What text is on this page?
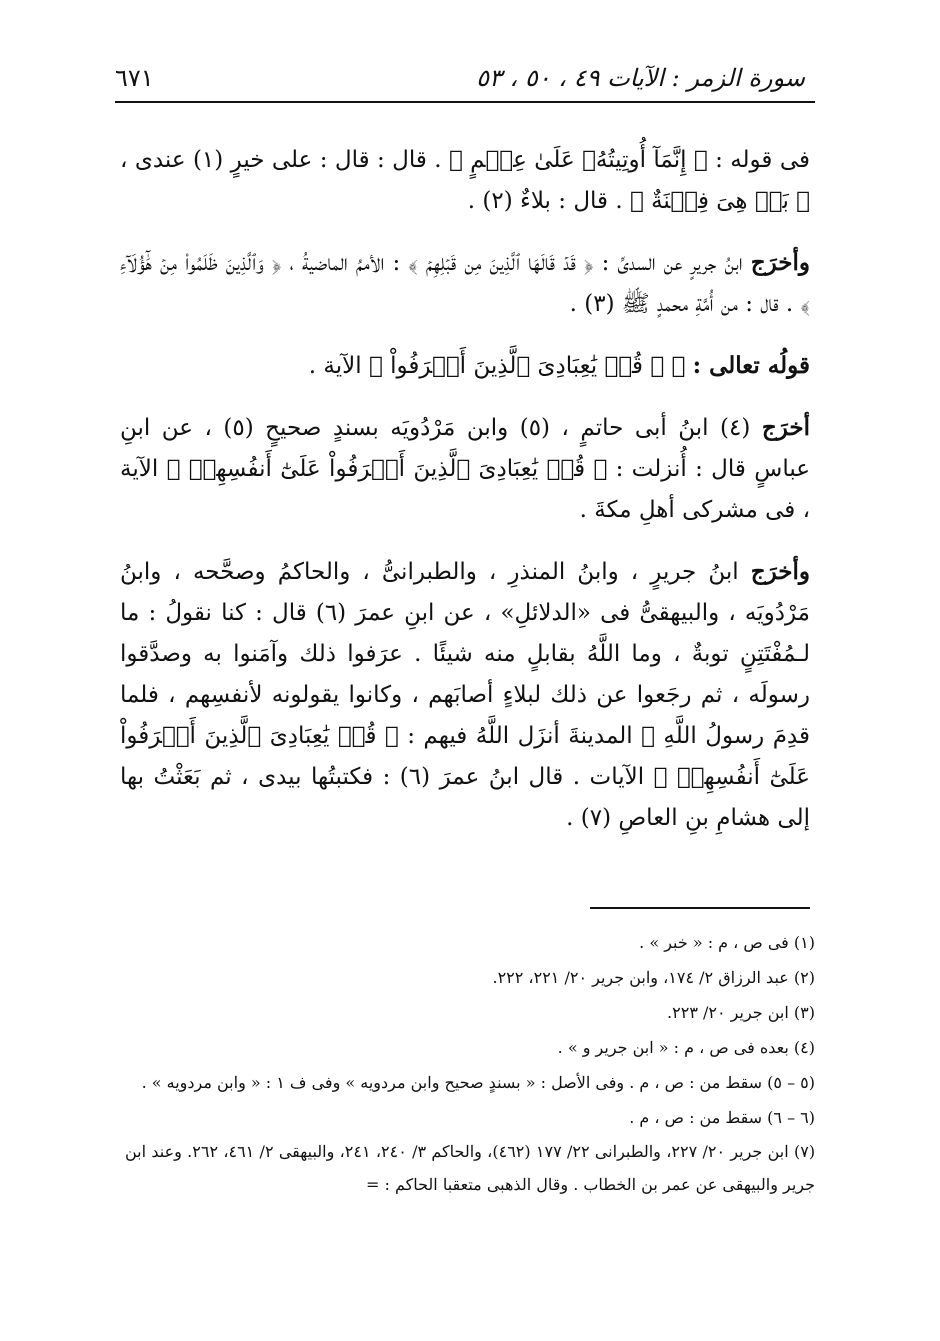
سورة الزمر : الآيات ٤٩ ، ٥٠ ، ٥٣
٦٧١

فى قوله : ﴿ إِنَّمَآ أُوتِيتُهُۥ عَلَىٰ عِلۡمٍ ﴾ . قال : قال : على خيرٍ (١) عندى ، ﴿ بَلۡ هِىَ فِتۡنَةٌ ﴾ . قال : بلاءٌ (٢) .

وأخرَج ابنُ جريرٍ عن السدىِّ : ﴿ قَدۡ قَالَهَا ٱلَّذِينَ مِن قَبۡلِهِمۡ ﴾ : الأممُ الماضيةُ ، ﴿ وَٱلَّذِينَ ظَلَمُواْ مِنۡ هَٰٓؤُلَآءِ ﴾ . قال : من أُمَّةِ محمدٍ ﷺ (٣) .

قولُه تعالى : ﴿ ۞ قُلۡ يَٰعِبَادِىَ ٱلَّذِينَ أَسۡرَفُواْ ﴾ الآية .

أخرَج (٤) ابنُ أبى حاتمٍ ، (٥) وابن مَرْدُويَه بسندٍ صحيحٍ (٥) ، عن ابنِ عباسٍ قال : أُنزلت : ﴿ قُلۡ يَٰعِبَادِىَ ٱلَّذِينَ أَسۡرَفُواْ عَلَىٰٓ أَنفُسِهِمۡ ﴾ الآية ، فى مشركى أهلِ مكةَ .

وأخرَج ابنُ جريرٍ ، وابنُ المنذرِ ، والطبرانىُّ ، والحاكمُ وصحَّحه ، وابنُ مَرْدُويَه ، والبيهقىُّ فى «الدلائلِ» ، عن ابنِ عمرَ (٦) قال : كنا نقولُ : ما لـمُفْتَتِنٍ توبةٌ ، وما اللَّهُ بقابلٍ منه شيئًا . عرَفوا ذلك وآمَنوا به وصدَّقوا رسولَه ، ثم رجَعوا عن ذلك لبلاءٍ أصابَهم ، وكانوا يقولونه لأنفسِهم ، فلما قدِمَ رسولُ اللَّهِ ﷺ المدينةَ أنزَل اللَّهُ فيهم : ﴿ قُلۡ يَٰعِبَادِىَ ٱلَّذِينَ أَسۡرَفُواْ عَلَىٰٓ أَنفُسِهِمۡ ﴾ الآيات . قال ابنُ عمرَ (٦) : فكتبتُها بيدى ، ثم بَعَثْتُ بها إلى هشامِ بنِ العاصِ (٧) .

(١) فى ص ، م : « خبر » .

(٢) عبد الرزاق ٢/ ١٧٤، وابن جرير ٢٠/ ٢٢١، ٢٢٢.

(٣) ابن جرير ٢٠/ ٢٢٣.

(٤) بعده فى ص ، م : « ابن جرير و » .

(٥ – ٥) سقط من : ص ، م . وفى الأصل : « بسندٍ صحيح وابن مردويه » وفى ف ١ : « وابن مردويه » .

(٦ – ٦) سقط من : ص ، م .

(٧) ابن جرير ٢٠/ ٢٢٧، والطبرانى ٢٢/ ١٧٧ (٤٦٢)، والحاكم ٣/ ٢٤٠، ٢٤١، والبيهقى ٢/ ٤٦١، ٢٦٢. وعند ابن جرير والبيهقى عن عمر بن الخطاب . وقال الذهبى متعقبا الحاكم : =
